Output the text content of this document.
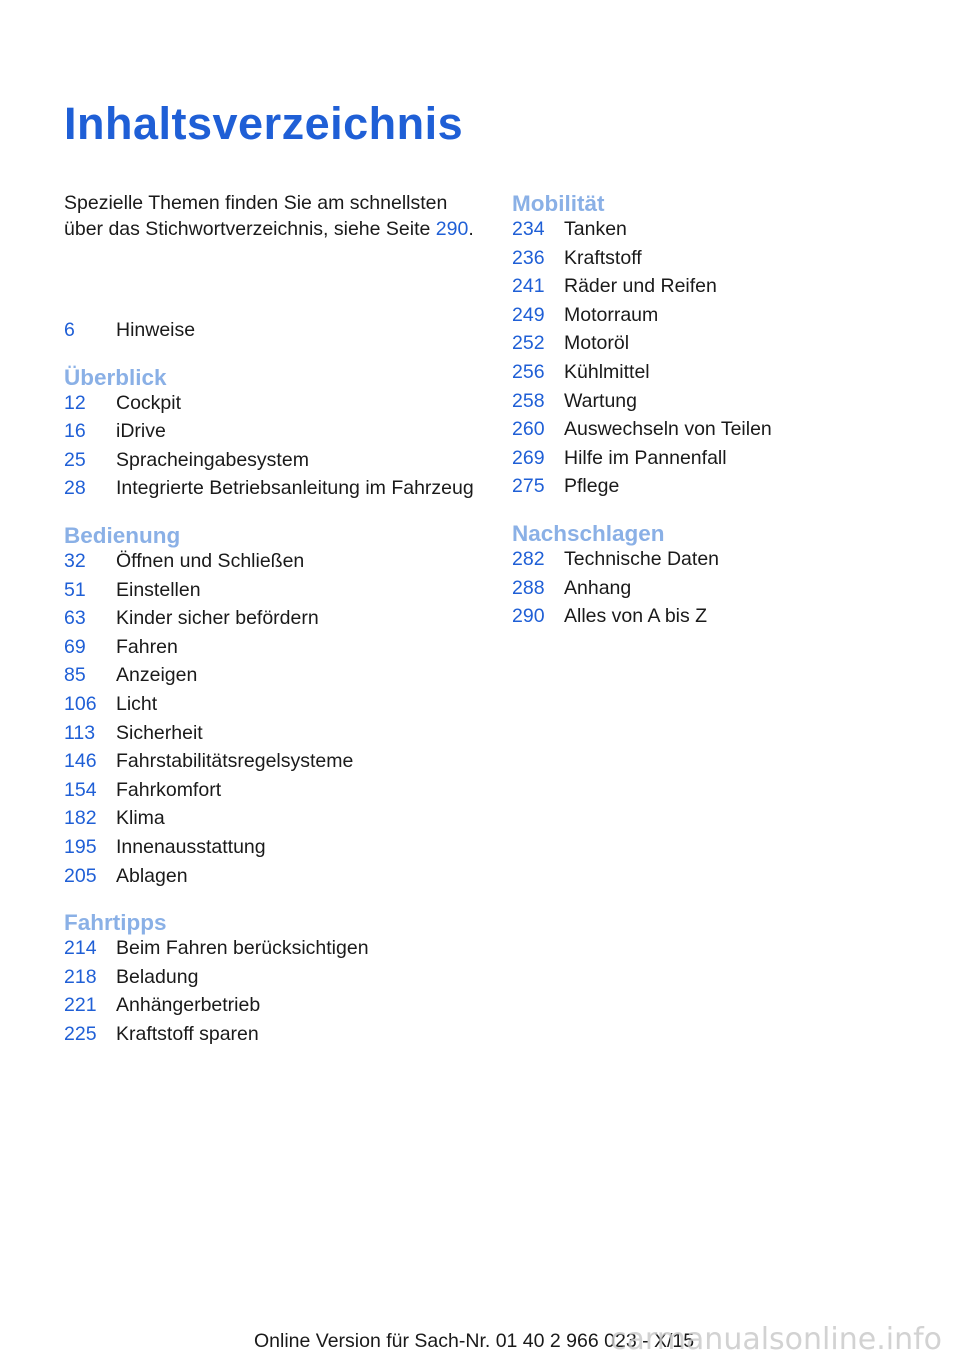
Inhaltsverzeichnis
Spezielle Themen finden Sie am schnellsten über das Stichwortverzeichnis, siehe Seite 290.
6	Hinweise
Überblick
12	Cockpit
16	iDrive
25	Spracheingabesystem
28	Integrierte Betriebsanleitung im Fahrzeug
Bedienung
32	Öffnen und Schließen
51	Einstellen
63	Kinder sicher befördern
69	Fahren
85	Anzeigen
106 Licht
113	Sicherheit
146 Fahrstabilitätsregelsysteme
154 Fahrkomfort
182 Klima
195 Innenausstattung
205 Ablagen
Fahrtipps
214 Beim Fahren berücksichtigen
218 Beladung
221 Anhängerbetrieb
225 Kraftstoff sparen
Mobilität
234 Tanken
236 Kraftstoff
241 Räder und Reifen
249 Motorraum
252 Motoröl
256 Kühlmittel
258 Wartung
260 Auswechseln von Teilen
269 Hilfe im Pannenfall
275 Pflege
Nachschlagen
282 Technische Daten
288 Anhang
290 Alles von A bis Z
Online Version für Sach-Nr. 01 40 2 966 023 - X/15
carmanualsonline.info
